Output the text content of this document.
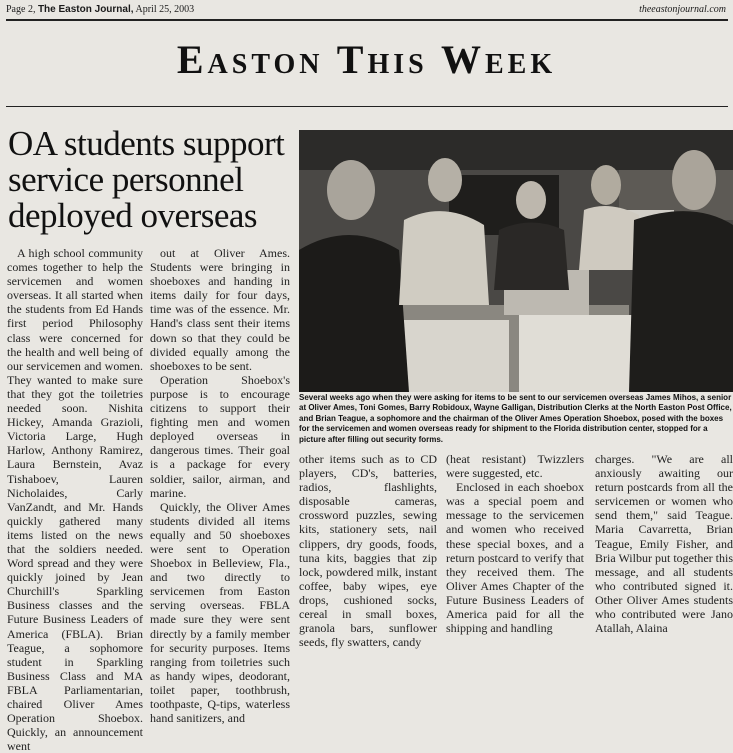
Page 2, The Easton Journal, April 25, 2003	theeastonjournal.com
Easton This Week
OA students support service personnel deployed overseas

A high school community comes together to help the servicemen and women overseas. It all started when the students from Ed Hands first period Philosophy class were concerned for the health and well being of our servicemen and women. They wanted to make sure that they got the toiletries needed soon. Nishita Hickey, Amanda Grazioli, Victoria Large, Hugh Harlow, Anthony Ramirez, Laura Bernstein, Avaz Tishaboev, Lauren Nicholaides, Carly VanZandt, and Mr. Hands quickly gathered many items listed on the news that the soldiers needed. Word spread and they were quickly joined by Jean Churchill's Sparkling Business classes and the Future Business Leaders of America (FBLA). Brian Teague, a sophomore student in Sparkling Business Class and MA FBLA Parliamentarian, chaired Oliver Ames Operation Shoebox. Quickly, an announcement went

out at Oliver Ames. Students were bringing in shoeboxes and handing in items daily for four days, time was of the essence. Mr. Hand's class sent their items down so that they could be divided equally among the shoeboxes to be sent.

Operation Shoebox's purpose is to encourage citizens to support their fighting men and women deployed overseas in dangerous times. Their goal is a package for every soldier, sailor, airman, and marine.

Quickly, the Oliver Ames students divided all items equally and 50 shoeboxes were sent to Operation Shoebox in Belleview, Fla., and two directly to servicemen from Easton serving overseas. FBLA made sure they were sent directly by a family member for security purposes. Items ranging from toiletries such as handy wipes, deodorant, toilet paper, toothbrush, toothpaste, Q-tips, waterless hand sanitizers, and

Several weeks ago when they were asking for items to be sent to our servicemen overseas James Mihos, a senior at Oliver Ames, Toni Gomes, Barry Robidoux, Wayne Galligan, Distribution Clerks at the North Easton Post Office, and Brian Teague, a sophomore and the chairman of the Oliver Ames Operation Shoebox, posed with the boxes for the servicemen and women overseas ready for shipment to the Florida distribution center, stopped for a picture after filling out security forms.

other items such as to CD players, CD's, batteries, radios, flashlights, disposable cameras, crossword puzzles, sewing kits, stationery sets, nail clippers, dry goods, foods, tuna kits, baggies that zip lock, powdered milk, instant coffee, baby wipes, eye drops, cushioned socks, cereal in small boxes, granola bars, sunflower seeds, fly swatters, candy

(heat resistant) Twizzlers were suggested, etc.

Enclosed in each shoebox was a special poem and message to the servicemen and women who received these special boxes, and a return postcard to verify that they received them. The Oliver Ames Chapter of the Future Business Leaders of America paid for all the shipping and handling

charges. "We are all anxiously awaiting our return postcards from all the servicemen or women who send them," said Teague. Maria Cavarretta, Brian Teague, Emily Fisher, and Bria Wilbur put together this message, and all students who contributed signed it. Other Oliver Ames students who contributed were Jano Atallah, Alaina
